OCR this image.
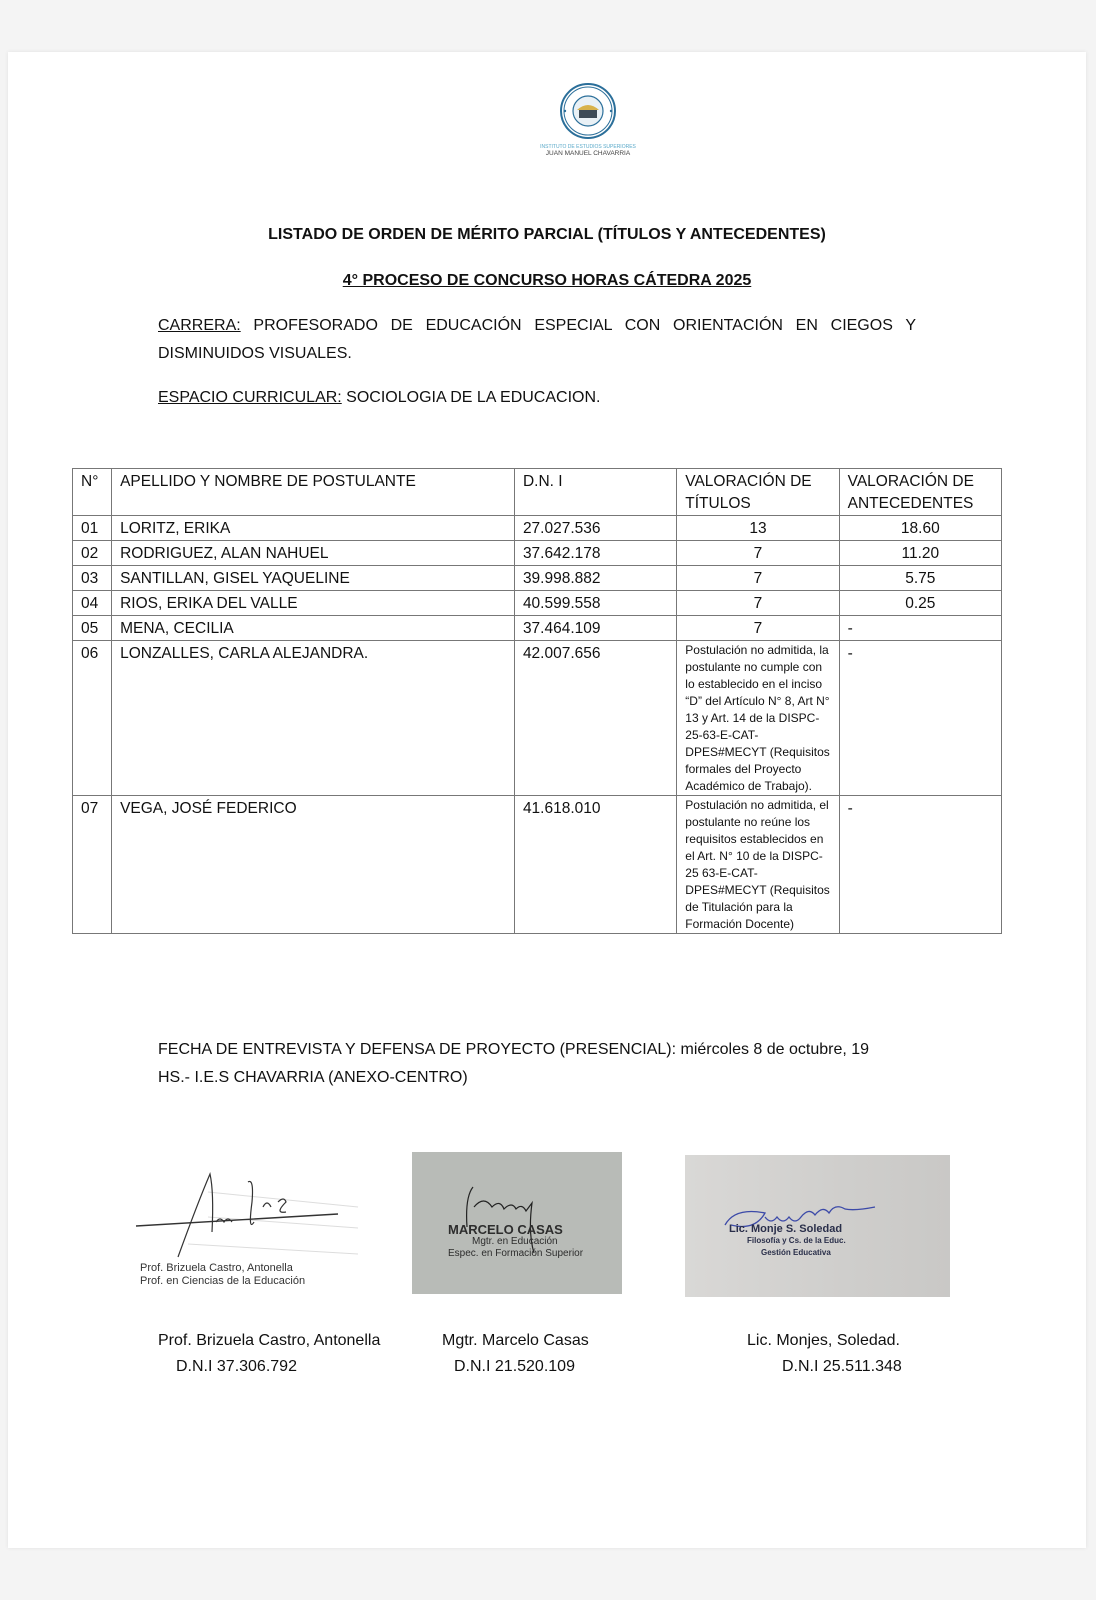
INSTITUTO DE ESTUDIOS SUPERIORES
JUAN MANUEL CHAVARRIA
LISTADO DE ORDEN DE MÉRITO PARCIAL (TÍTULOS Y ANTECEDENTES)
4° PROCESO DE CONCURSO HORAS CÁTEDRA 2025
CARRERA: PROFESORADO DE EDUCACIÓN ESPECIAL CON ORIENTACIÓN EN CIEGOS Y DISMINUIDOS VISUALES.
ESPACIO CURRICULAR: SOCIOLOGIA DE LA EDUCACION.
N°	APELLIDO Y NOMBRE DE POSTULANTE	D.N. I	VALORACIÓN DE TÍTULOS	VALORACIÓN DE ANTECEDENTES
01	LORITZ, ERIKA	27.027.536	13	18.60
02	RODRIGUEZ, ALAN NAHUEL	37.642.178	7	11.20
03	SANTILLAN, GISEL YAQUELINE	39.998.882	7	5.75
04	RIOS, ERIKA DEL VALLE	40.599.558	7	0.25
05	MENA, CECILIA	37.464.109	7	-
06	LONZALLES, CARLA ALEJANDRA.	42.007.656	Postulación no admitida, la postulante no cumple con lo establecido en el inciso “D” del Artículo N° 8, Art N° 13 y Art. 14 de la DISPC-25-63-E-CAT-DPES#MECYT (Requisitos formales del Proyecto Académico de Trabajo).	-
07	VEGA, JOSÉ FEDERICO	41.618.010	Postulación no admitida, el postulante no reúne los requisitos establecidos en el Art. N° 10 de la DISPC-25 63-E-CAT-DPES#MECYT (Requisitos de Titulación para la Formación Docente)	-
FECHA DE ENTREVISTA Y DEFENSA DE PROYECTO (PRESENCIAL): miércoles 8 de octubre, 19
HS.- I.E.S CHAVARRIA (ANEXO-CENTRO)
Prof. Brizuela Castro, Antonella
Prof. en Ciencias de la Educación
MARCELO CASAS
Mgtr. en Educación
Espec. en Formación Superior
Lic. Monje S. Soledad
Filosofía y Cs. de la Educ.
Gestión Educativa
Prof. Brizuela Castro, Antonella
D.N.I 37.306.792
Mgtr. Marcelo Casas
D.N.I 21.520.109
Lic. Monjes, Soledad.
D.N.I 25.511.348
